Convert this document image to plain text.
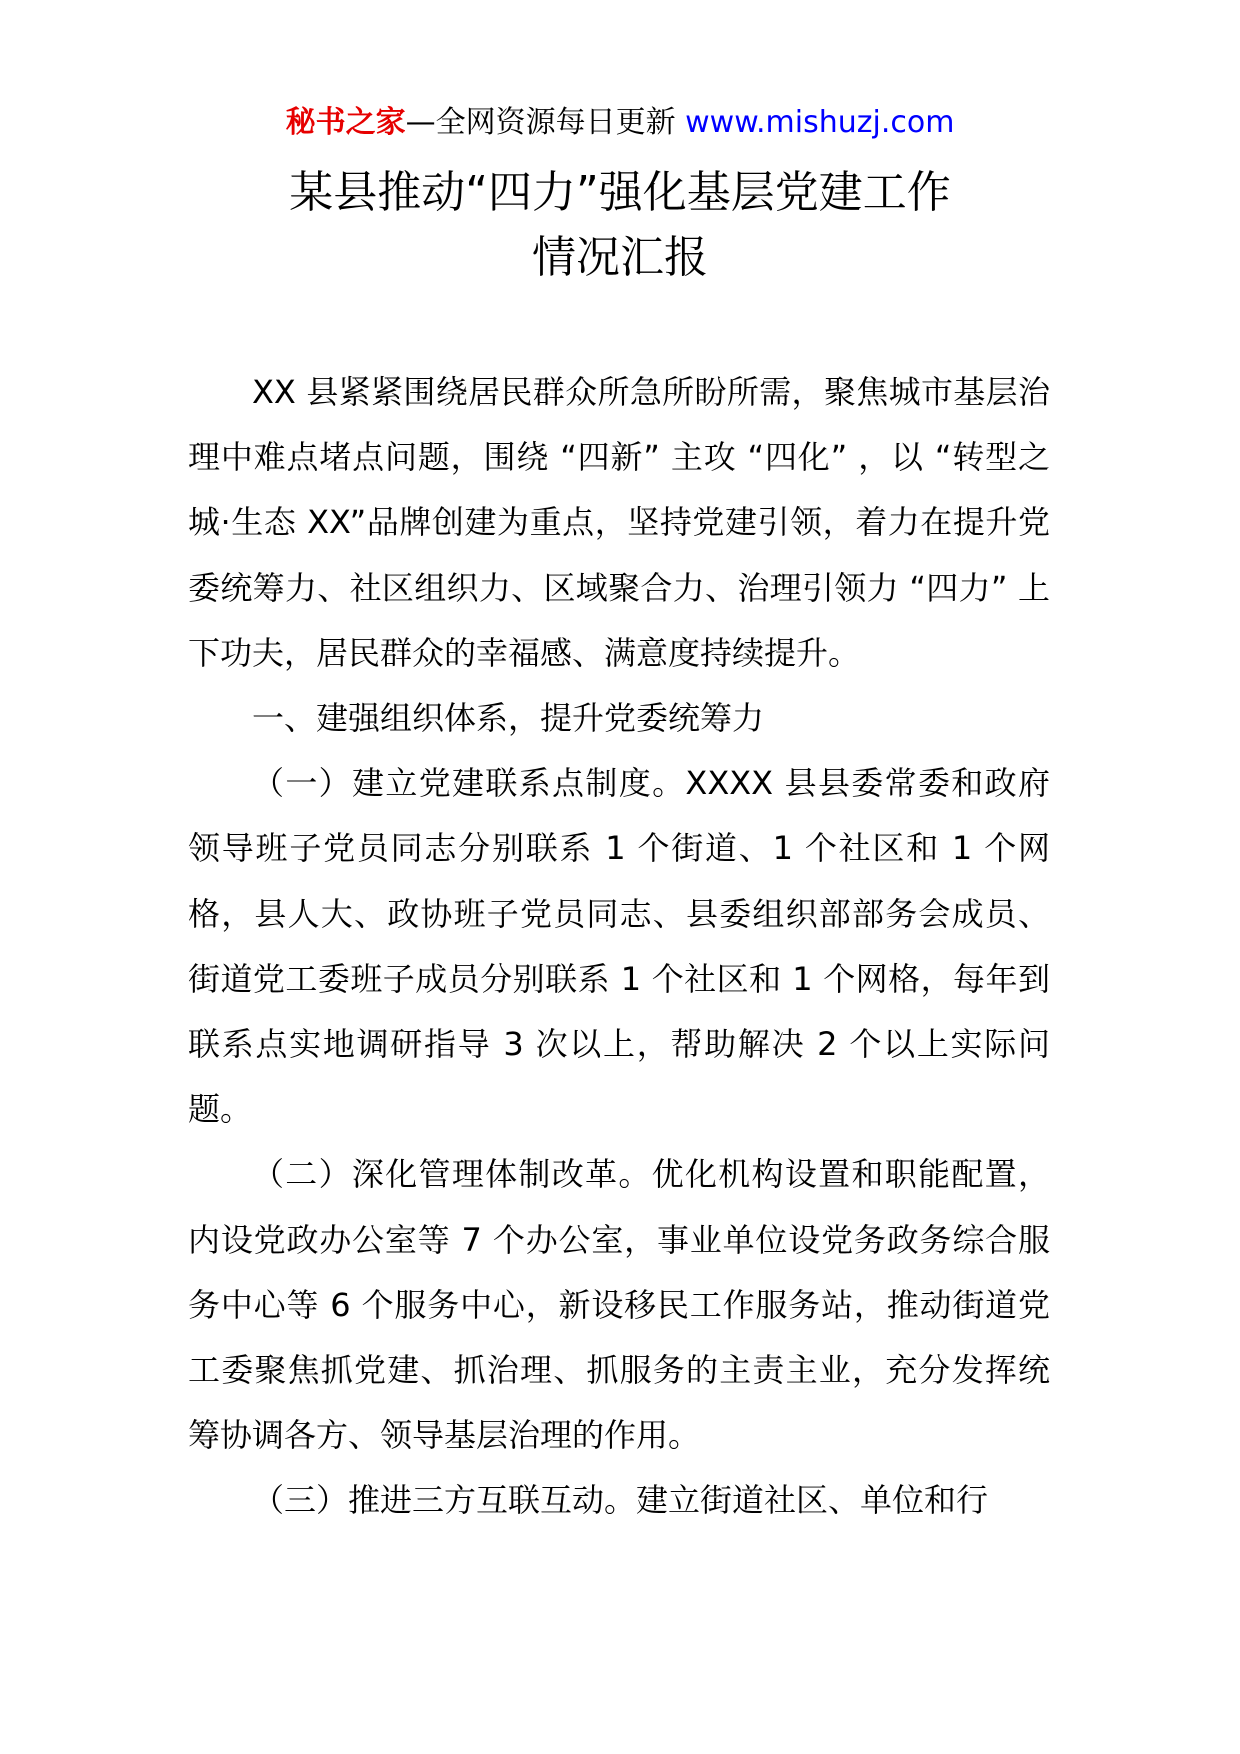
秘书之家—全网资源每日更新 www.mishuzj.com
某县推动“四力”强化基层党建工作
情况汇报

XX 县紧紧围绕居民群众所急所盼所需，聚焦城市基层治理中难点堵点问题，围绕 “四新” 主攻 “四化” ，以 “转型之城·生态 XX”品牌创建为重点，坚持党建引领，着力在提升党委统筹力、社区组织力、区域聚合力、治理引领力 “四力” 上下功夫，居民群众的幸福感、满意度持续提升。

一、建强组织体系，提升党委统筹力

（一）建立党建联系点制度。XXXX 县县委常委和政府领导班子党员同志分别联系 1 个街道、1 个社区和 1 个网格，县人大、政协班子党员同志、县委组织部部务会成员、街道党工委班子成员分别联系 1 个社区和 1 个网格，每年到联系点实地调研指导 3 次以上，帮助解决 2 个以上实际问题。

（二）深化管理体制改革。优化机构设置和职能配置，内设党政办公室等 7 个办公室，事业单位设党务政务综合服务中心等 6 个服务中心，新设移民工作服务站，推动街道党工委聚焦抓党建、抓治理、抓服务的主责主业，充分发挥统筹协调各方、领导基层治理的作用。

（三）推进三方互联互动。建立街道社区、单位和行
